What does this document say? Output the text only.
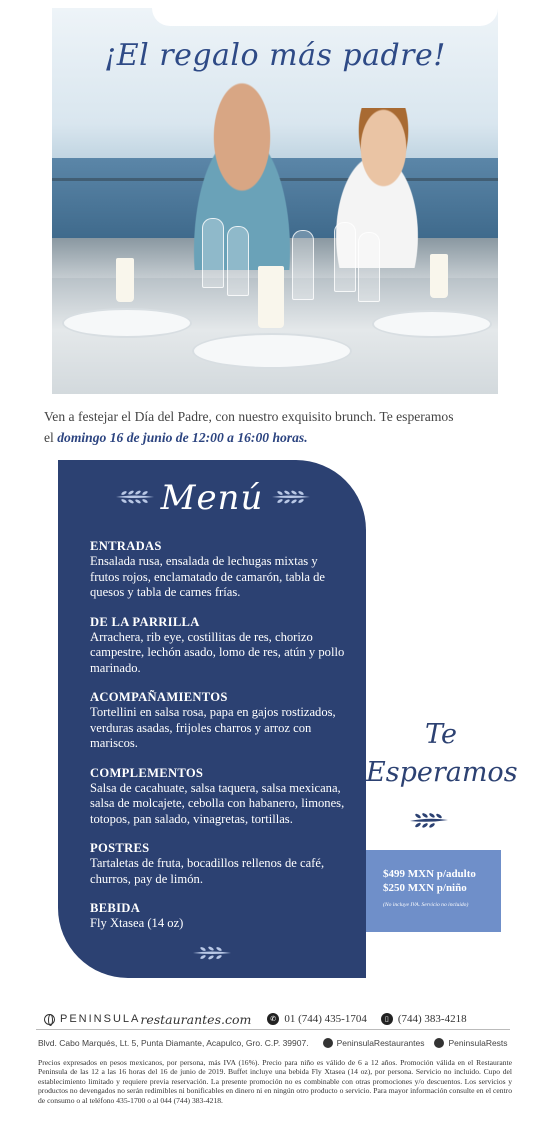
¡El regalo más padre!
Ven a festejar el Día del Padre, con nuestro exquisito brunch. Te esperamos
el domingo 16 de junio de 12:00 a 16:00 horas.
Menú
ENTRADAS
Ensalada rusa, ensalada de lechugas mixtas y frutos rojos, enclamatado de camarón, tabla de quesos y tabla de carnes frías.
DE LA PARRILLA
Arrachera, rib eye, costillitas de res, chorizo campestre, lechón asado, lomo de res, atún y pollo marinado.
ACOMPAÑAMIENTOS
Tortellini en salsa rosa, papa en gajos rostizados, verduras asadas, frijoles charros y arroz con mariscos.
COMPLEMENTOS
Salsa de cacahuate, salsa taquera, salsa mexicana, salsa de molcajete, cebolla con habanero, limones, totopos, pan salado, vinagretas, tortillas.
POSTRES
Tartaletas de fruta, bocadillos rellenos de café, churros, pay de limón.
BEBIDA
Fly Xtasea (14 oz)
Te
Esperamos
$499 MXN p/adulto
$250 MXN p/niño
(No incluye IVA. Servicio no incluido)
PENINSULA restaurantes.com	✆ 01 (744) 435-1704	▯ (744) 383-4218
Blvd. Cabo Marqués, Lt. 5, Punta Diamante, Acapulco, Gro. C.P. 39907.	PeninsulaRestaurantes	PeninsulaRests
Precios expresados en pesos mexicanos, por persona, más IVA (16%). Precio para niño es válido de 6 a 12 años. Promoción válida en el Restaurante Peninsula de las 12 a las 16 horas del 16 de junio de 2019. Buffet incluye una bebida Fly Xtasea (14 oz), por persona. Servicio no incluido. Cupo del establecimiento limitado y requiere previa reservación. La presente promoción no es combinable con otras promociones y/o descuentos. Los servicios y productos no devengados no serán redimibles ni bonificables en dinero ni en ningún otro producto o servicio. Para mayor información consulte en el centro de consumo o al teléfono 435-1700 o al 044 (744) 383-4218.
